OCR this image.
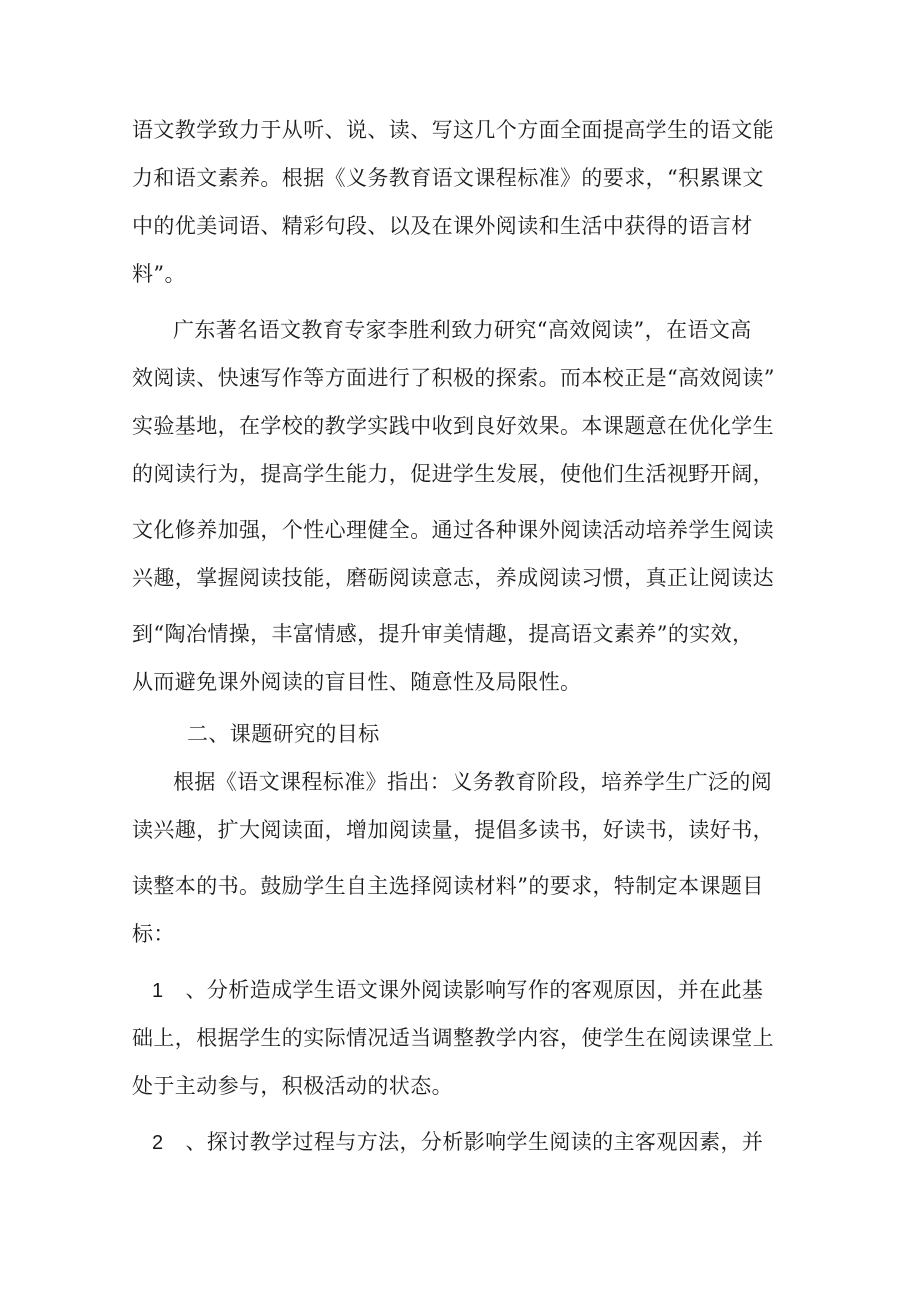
语文教学致力于从听、说、读、写这几个方面全面提高学生的语文能
力和语文素养。根据《义务教育语文课程标准》的要求，“积累课文
中的优美词语、精彩句段、以及在课外阅读和生活中获得的语言材
料”。
广东著名语文教育专家李胜利致力研究“高效阅读”，在语文高
效阅读、快速写作等方面进行了积极的探索。而本校正是“高效阅读”
实验基地，在学校的教学实践中收到良好效果。本课题意在优化学生
的阅读行为，提高学生能力，促进学生发展，使他们生活视野开阔，
文化修养加强，个性心理健全。通过各种课外阅读活动培养学生阅读
兴趣，掌握阅读技能，磨砺阅读意志，养成阅读习惯，真正让阅读达
到“陶冶情操，丰富情感，提升审美情趣，提高语文素养”的实效，
从而避免课外阅读的盲目性、随意性及局限性。
二、课题研究的目标
根据《语文课程标准》指出：义务教育阶段，培养学生广泛的阅
读兴趣，扩大阅读面，增加阅读量，提倡多读书，好读书，读好书，
读整本的书。鼓励学生自主选择阅读材料”的要求，特制定本课题目
标：
1 、分析造成学生语文课外阅读影响写作的客观原因，并在此基
础上，根据学生的实际情况适当调整教学内容，使学生在阅读课堂上
处于主动参与，积极活动的状态。
2 、探讨教学过程与方法，分析影响学生阅读的主客观因素，并
